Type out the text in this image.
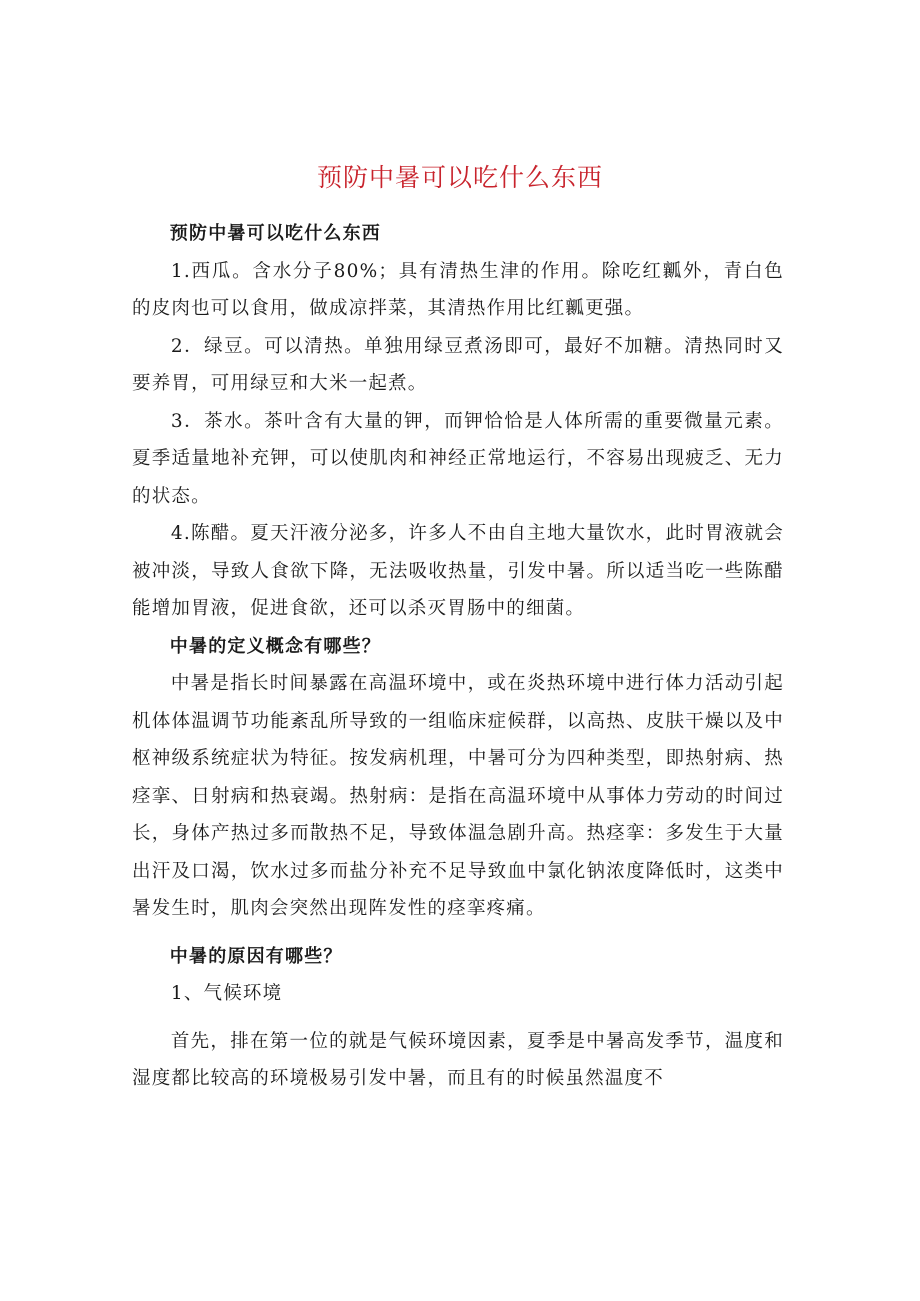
预防中暑可以吃什么东西

预防中暑可以吃什么东西

1.西瓜。含水分子80%；具有清热生津的作用。除吃红瓤外，青白色的皮肉也可以食用，做成凉拌菜，其清热作用比红瓤更强。

2．绿豆。可以清热。单独用绿豆煮汤即可，最好不加糖。清热同时又要养胃，可用绿豆和大米一起煮。

3．茶水。茶叶含有大量的钾，而钾恰恰是人体所需的重要微量元素。夏季适量地补充钾，可以使肌肉和神经正常地运行，不容易出现疲乏、无力的状态。

4.陈醋。夏天汗液分泌多，许多人不由自主地大量饮水，此时胃液就会被冲淡，导致人食欲下降，无法吸收热量，引发中暑。所以适当吃一些陈醋能增加胃液，促进食欲，还可以杀灭胃肠中的细菌。

中暑的定义概念有哪些？

中暑是指长时间暴露在高温环境中，或在炎热环境中进行体力活动引起机体体温调节功能紊乱所导致的一组临床症候群，以高热、皮肤干燥以及中枢神级系统症状为特征。按发病机理，中暑可分为四种类型，即热射病、热痉挛、日射病和热衰竭。热射病：是指在高温环境中从事体力劳动的时间过长，身体产热过多而散热不足，导致体温急剧升高。热痉挛：多发生于大量出汗及口渴，饮水过多而盐分补充不足导致血中氯化钠浓度降低时，这类中暑发生时，肌肉会突然出现阵发性的痉挛疼痛。

中暑的原因有哪些？

1、气候环境

首先，排在第一位的就是气候环境因素，夏季是中暑高发季节，温度和湿度都比较高的环境极易引发中暑，而且有的时候虽然温度不
